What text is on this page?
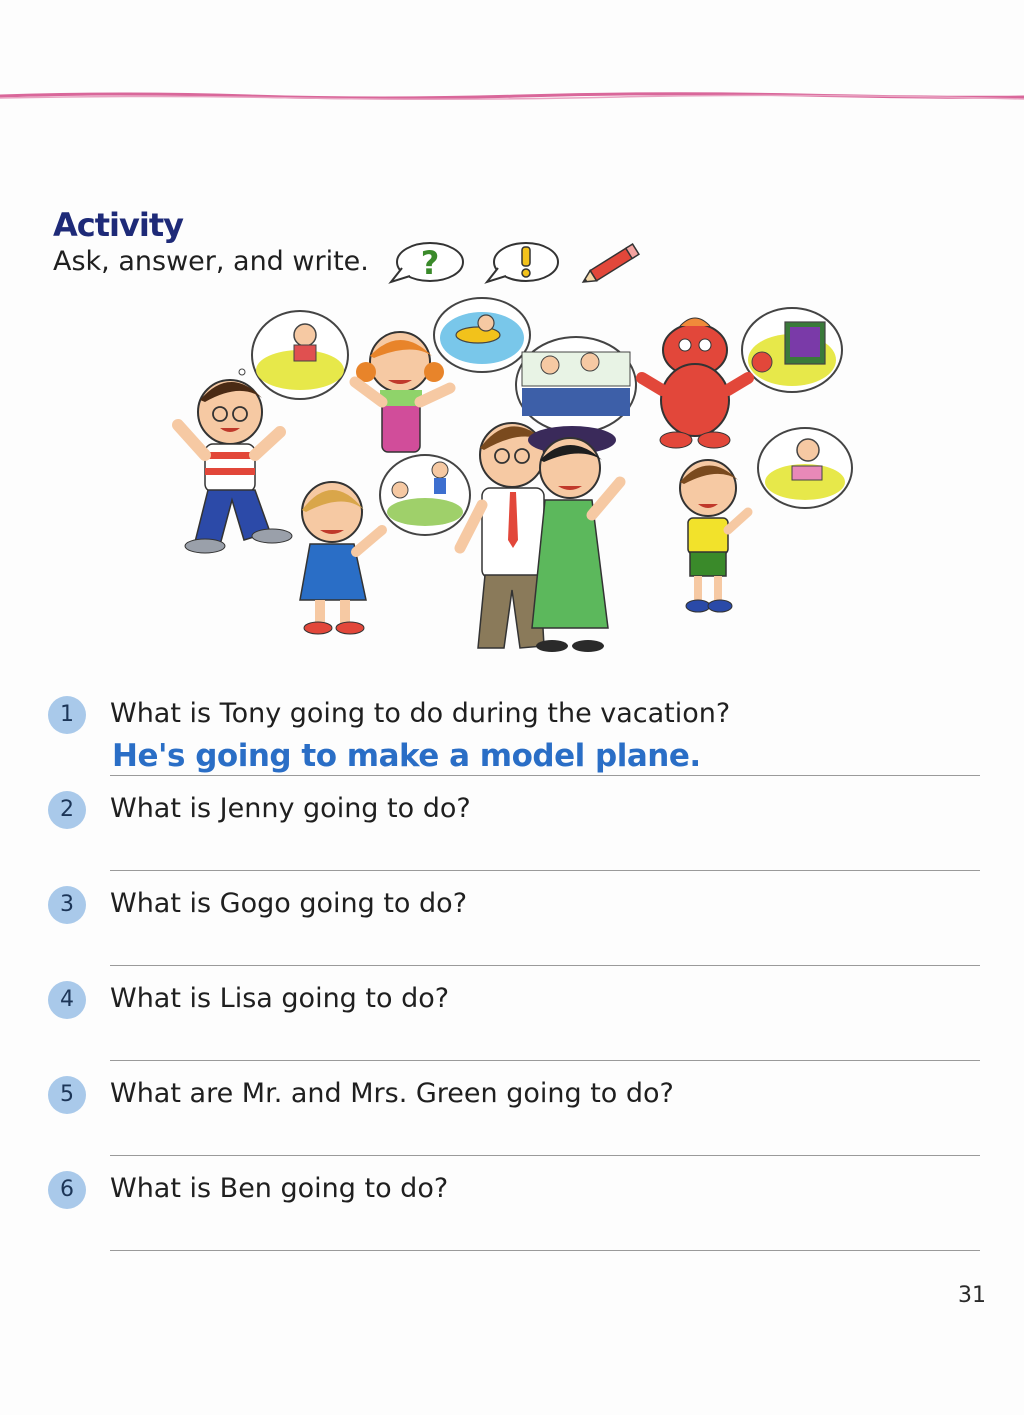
Activity
Ask, answer, and write. ?
1	What is Tony going to do during the vacation?
He's going to make a model plane.
2	What is Jenny going to do?
3	What is Gogo going to do?
4	What is Lisa going to do?
5	What are Mr. and Mrs. Green going to do?
6	What is Ben going to do?
31
